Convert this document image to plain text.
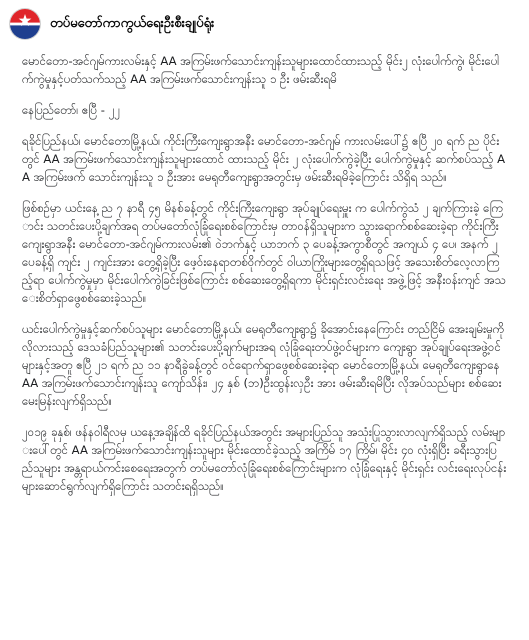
တပ်မတော်ကာကွယ်ရေးဦးစီးချုပ်ရုံး

မောင်တော-အင်ဂျမ်ကားလမ်းနှင့် AA အကြမ်းဖက်သောင်းကျန်းသူများထောင်ထားသည့် မိုင်း၂ လုံးပေါက်ကွဲ၊ မိုင်းပေါက်ကွဲမှုနှင့်ပတ်သက်သည့် AA အကြမ်းဖက်သောင်းကျန်းသူ ၁ ဦး ဖမ်းဆီးရမိ

နေပြည်တော်၊ ဧပြီ - ၂၂

ရခိုင်ပြည်နယ်၊ မောင်တောမြို့နယ်၊ ကိုင်းကြီးကျေးရွာအနီး မောင်တော-အင်ဂျမ် ကားလမ်းပေါ်၌ ဧပြီ ၂၀ ရက် ည ပိုင်းတွင် AA အကြမ်းဖက်သောင်းကျန်းသူများထောင် ထားသည့် မိုင်း ၂ လုံးပေါက်ကွဲခဲ့ပြီး ပေါက်ကွဲမှုနှင့် ဆက်စပ်သည့် AA အကြမ်းဖက် သောင်းကျန်းသူ ၁ ဦးအား မေရုတီကျေးရွာအတွင်းမှ ဖမ်းဆီးရမိခဲ့ကြောင်း သိရှိရ သည်။

ဖြစ်စဉ်မှာ ယင်းနေ့ ည ၇ နာရီ ၄၅ မိနစ်ခန့်တွင် ကိုင်းကြီးကျေးရွာ အုပ်ချုပ်ရေးမှူး က ပေါက်ကွဲသံ ၂ ချက်ကြားခဲ့ ကြောင်း သတင်းပေးပို့ချက်အရ တပ်မတော်လုံခြုံရေးစစ်ကြောင်းမှ တာဝန်ရှိသူများက သွားရောက်စစ်ဆေးခဲ့ရာ ကိုင်းကြီးကျေးရွာအနီး မောင်တော-အင်ဂျမ်ကားလမ်း၏ ဝဲဘက်နှင့် ယာဘက် ၃ ပေခန့်အကွာစီတွင် အကျယ် ၄ ပေ၊ အနက် ၂ ပေခန့်ရှိ ကျင်း ၂ ကျင်းအား တွေ့ရှိခဲ့ပြီး ဖေ့ဝ်းနေရာတစ်ဝိုက်တွင် ဝါယာကြိုးများတွေ့ရှိရသဖြင့် အသေးစိတ်လေ့လာကြည့်ရာ ပေါက်ကွဲမှုမှာ မိုင်းပေါက်ကွဲခြင်းဖြစ်ကြောင်း စစ်ဆေးတွေ့ရှိရကာ မိုင်းရှင်းလင်းရေး အဖွဲ့ဖြင့် အနီးဝန်းကျင် အသေးစိတ်ရှာဖွေစစ်ဆေးခဲ့သည်။

ယင်းပေါက်ကွဲမှုနှင့်ဆက်စပ်သူများ မောင်တောမြို့နယ်၊ မေရုတီကျေးရွာ၌ ခိုအောင်းနေကြောင်း တည်ငြိမ် အေးချမ်းမှုကိုလိုလားသည့် ဒေသခံပြည်သူများ၏ သတင်းပေးပို့ချက်များအရ လုံခြုံရေးတပ်ဖွဲ့ဝင်များက ကျေးရွာ အုပ်ချုပ်ရေးအဖွဲ့ဝင်များနှင့်အတူ ဧပြီ ၂၁ ရက် ည ၁၁ နာရီခွဲခန့်တွင် ဝင်ရောက်ရှာဖွေစစ်ဆေးခဲ့ရာ မောင်တောမြို့နယ်၊ မေရုတီကျေးရွာနေ AA အကြမ်းဖက်သောင်းကျန်းသူ ကျော်သိန်း၊ ၂၄ နှစ် (ဘ)ဦးထွန်းလှဦး အား ဖမ်းဆီးရမိပြီး လိုအပ်သည်များ စစ်ဆေးမေးမြန်းလျက်ရှိသည်။

၂၀၁၉ ခုနှစ်၊ ဖန်နဝါရီလမှ ယနေ့အချိန်ထိ ရခိုင်ပြည်နယ်အတွင်း အများပြည်သူ အသုံးပြုသွားလာလျက်ရှိသည့် လမ်းများပေါ်တွင် AA အကြမ်းဖက်သောင်းကျန်းသူများ မိုင်းထောင်ခဲ့သည့် အကြိမ် ၁၇ ကြိမ်၊ မိုင်း ၄၀ လုံးရှိပြီး ခရီးသွားပြည်သူများ အန္တရာယ်ကင်းစေရေးအတွက် တပ်မတော်လုံခြုံရေးစစ်ကြောင်းများက လုံခြုံရေးနှင့် မိုင်းရှင်း လင်းရေးလုပ်ငန်းများဆောင်ရွက်လျက်ရှိကြောင်း သတင်းရရှိသည်။
